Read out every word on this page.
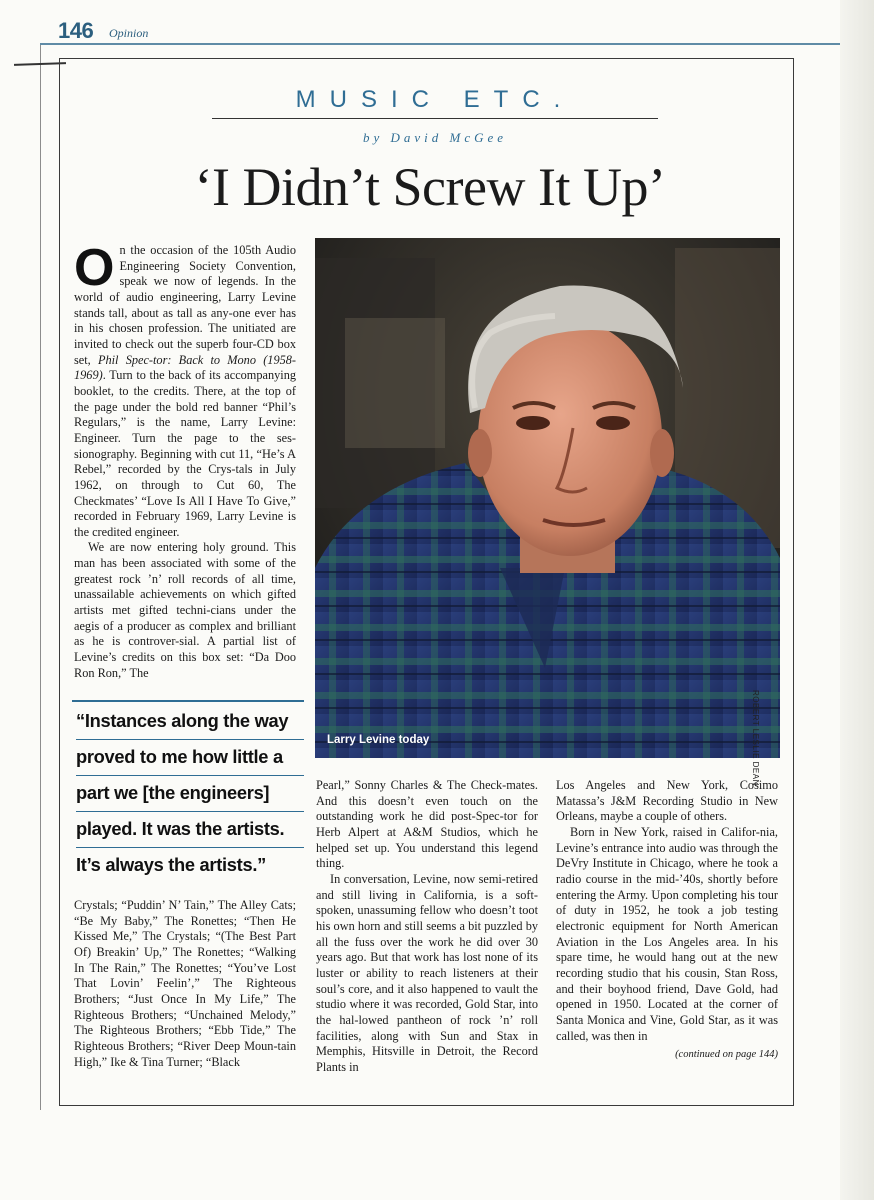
146 Opinion
MUSIC ETC.
by David McGee
‘I Didn’t Screw It Up’

On the occasion of the 105th Audio Engineering Society Convention, speak we now of legends. In the world of audio engineering, Larry Levine stands tall, about as tall as any-one ever has in his chosen profession. The unitiated are invited to check out the superb four-CD box set, Phil Spec-tor: Back to Mono (1958-1969). Turn to the back of its accompanying booklet, to the credits. There, at the top of the page under the bold red banner “Phil’s Regulars,” is the name, Larry Levine: Engineer. Turn the page to the ses-sionography. Beginning with cut 11, “He’s A Rebel,” recorded by the Crys-tals in July 1962, on through to Cut 60, The Checkmates’ “Love Is All I Have To Give,” recorded in February 1969, Larry Levine is the credited engineer.

We are now entering holy ground. This man has been associated with some of the greatest rock ’n’ roll records of all time, unassailable achievements on which gifted artists met gifted techni-cians under the aegis of a producer as complex and brilliant as he is controver-sial. A partial list of Levine’s credits on this box set: “Da Doo Ron Ron,” The

“Instances along the way
proved to me how little a
part we [the engineers]
played. It was the artists.
It’s always the artists.”

Crystals; “Puddin’ N’ Tain,” The Alley Cats; “Be My Baby,” The Ronettes; “Then He Kissed Me,” The Crystals; “(The Best Part Of) Breakin’ Up,” The Ronettes; “Walking In The Rain,” The Ronettes; “You’ve Lost That Lovin’ Feelin’,” The Righteous Brothers; “Just Once In My Life,” The Righteous Brothers; “Unchained Melody,” The Righteous Brothers; “Ebb Tide,” The Righteous Brothers; “River Deep Moun-tain High,” Ike & Tina Turner; “Black

Larry Levine today	ROBERT LESLIE DEAN

Pearl,” Sonny Charles & The Check-mates. And this doesn’t even touch on the outstanding work he did post-Spec-tor for Herb Alpert at A&M Studios, which he helped set up. You understand this legend thing.

In conversation, Levine, now semi-retired and still living in California, is a soft-spoken, unassuming fellow who doesn’t toot his own horn and still seems a bit puzzled by all the fuss over the work he did over 30 years ago. But that work has lost none of its luster or ability to reach listeners at their soul’s core, and it also happened to vault the studio where it was recorded, Gold Star, into the hal-lowed pantheon of rock ’n’ roll facilities, along with Sun and Stax in Memphis, Hitsville in Detroit, the Record Plants in

Los Angeles and New York, Cosimo Matassa’s J&M Recording Studio in New Orleans, maybe a couple of others.

Born in New York, raised in Califor-nia, Levine’s entrance into audio was through the DeVry Institute in Chicago, where he took a radio course in the mid-’40s, shortly before entering the Army. Upon completing his tour of duty in 1952, he took a job testing electronic equipment for North American Aviation in the Los Angeles area. In his spare time, he would hang out at the new recording studio that his cousin, Stan Ross, and their boyhood friend, Dave Gold, had opened in 1950. Located at the corner of Santa Monica and Vine, Gold Star, as it was called, was then in

(continued on page 144)
